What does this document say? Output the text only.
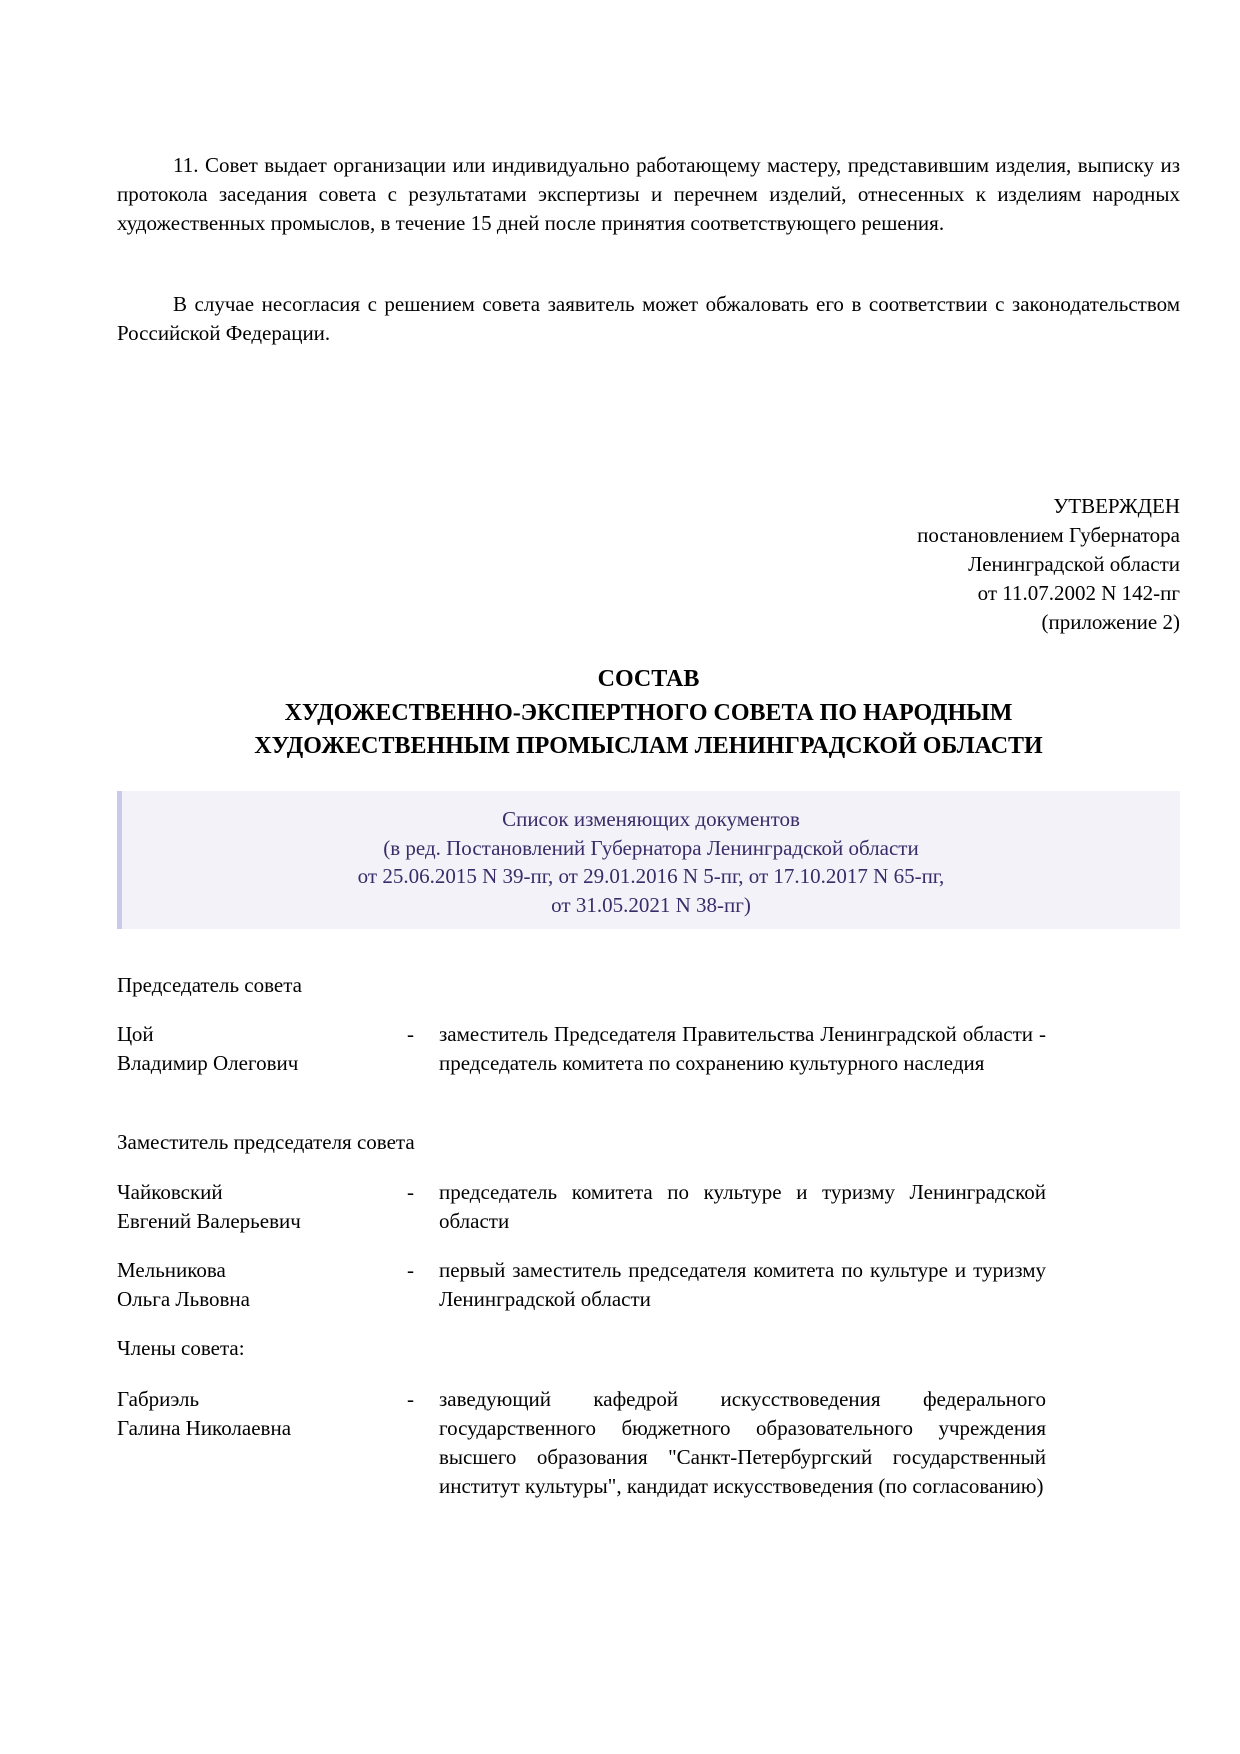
11. Совет выдает организации или индивидуально работающему мастеру, представившим изделия, выписку из протокола заседания совета с результатами экспертизы и перечнем изделий, отнесенных к изделиям народных художественных промыслов, в течение 15 дней после принятия соответствующего решения.
В случае несогласия с решением совета заявитель может обжаловать его в соответствии с законодательством Российской Федерации.
УТВЕРЖДЕН
постановлением Губернатора
Ленинградской области
от 11.07.2002 N 142-пг
(приложение 2)
СОСТАВ
ХУДОЖЕСТВЕННО-ЭКСПЕРТНОГО СОВЕТА ПО НАРОДНЫМ
ХУДОЖЕСТВЕННЫМ ПРОМЫСЛАМ ЛЕНИНГРАДСКОЙ ОБЛАСТИ
Список изменяющих документов
(в ред. Постановлений Губернатора Ленинградской области
от 25.06.2015 N 39-пг, от 29.01.2016 N 5-пг, от 17.10.2017 N 65-пг,
от 31.05.2021 N 38-пг)
Председатель совета
Цой
Владимир Олегович
- заместитель Председателя Правительства Ленинградской области - председатель комитета по сохранению культурного наследия
Заместитель председателя совета
Чайковский
Евгений Валерьевич
- председатель комитета по культуре и туризму Ленинградской области
Мельникова
Ольга Львовна
- первый заместитель председателя комитета по культуре и туризму Ленинградской области
Члены совета:
Габриэль
Галина Николаевна
- заведующий кафедрой искусствоведения федерального государственного бюджетного образовательного учреждения высшего образования "Санкт-Петербургский государственный институт культуры", кандидат искусствоведения (по согласованию)
